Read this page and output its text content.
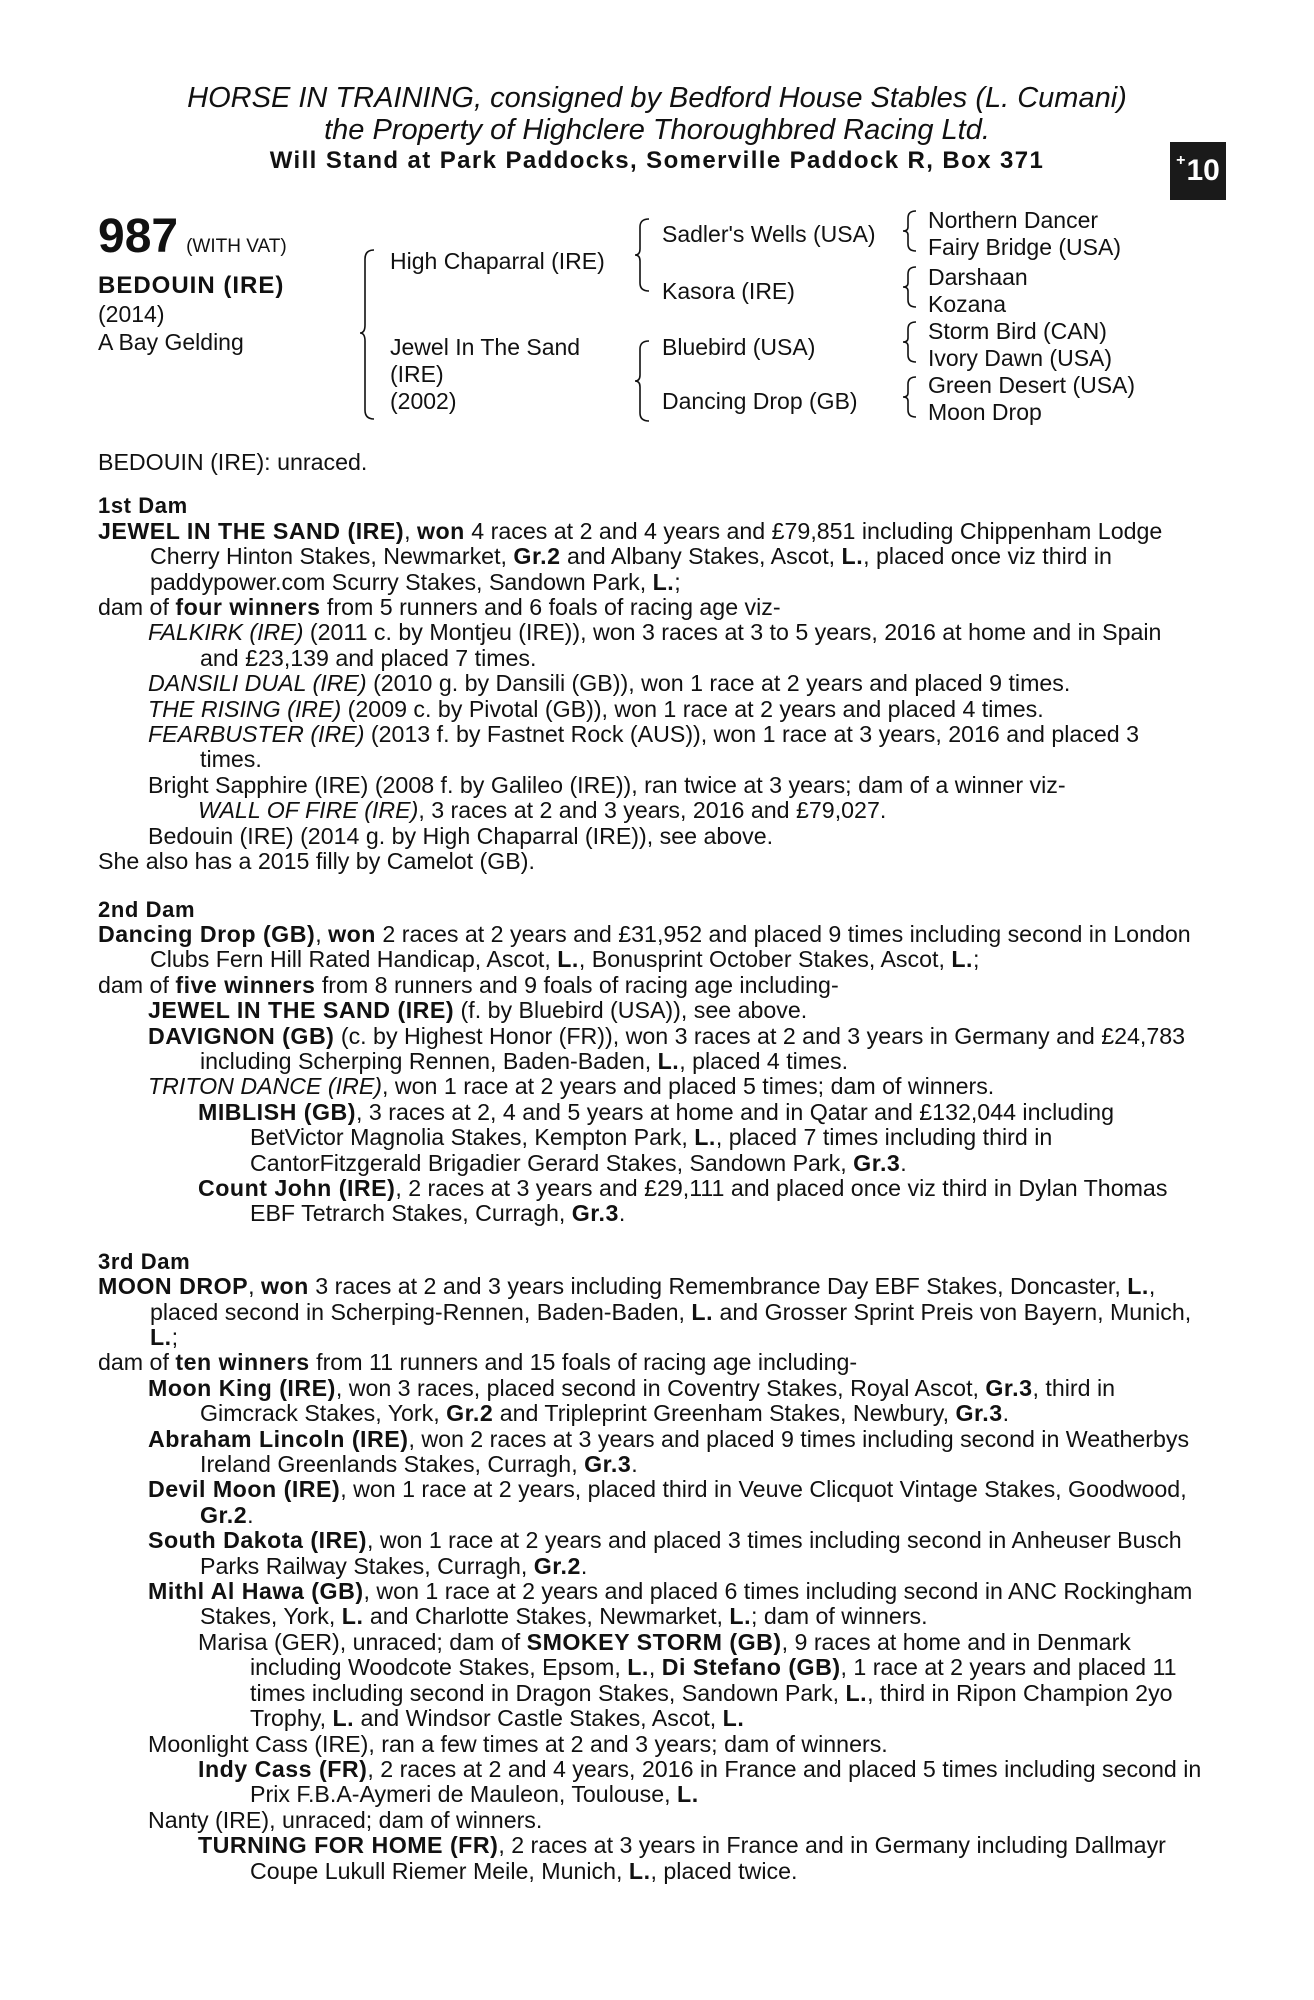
HORSE IN TRAINING, consigned by Bedford House Stables (L. Cumani)
the Property of Highclere Thoroughbred Racing Ltd.
Will Stand at Park Paddocks, Somerville Paddock R, Box 371	+ 10
987 (WITH VAT)
BEDOUIN (IRE)
(2014)
A Bay Gelding
High Chaparral (IRE)
Jewel In The Sand
(IRE)
(2002)
Sadler's Wells (USA)
Kasora (IRE)
Bluebird (USA)
Dancing Drop (GB)
Northern Dancer
Fairy Bridge (USA)
Darshaan
Kozana
Storm Bird (CAN)
Ivory Dawn (USA)
Green Desert (USA)
Moon Drop

BEDOUIN (IRE): unraced.

1st Dam

JEWEL IN THE SAND (IRE), won 4 races at 2 and 4 years and £79,851 including Chippenham Lodge Cherry Hinton Stakes, Newmarket, Gr.2 and Albany Stakes, Ascot, L., placed once viz third in paddypower.com Scurry Stakes, Sandown Park, L.;

dam of four winners from 5 runners and 6 foals of racing age viz-

FALKIRK (IRE) (2011 c. by Montjeu (IRE)), won 3 races at 3 to 5 years, 2016 at home and in Spain and £23,139 and placed 7 times.

DANSILI DUAL (IRE) (2010 g. by Dansili (GB)), won 1 race at 2 years and placed 9 times.

THE RISING (IRE) (2009 c. by Pivotal (GB)), won 1 race at 2 years and placed 4 times.

FEARBUSTER (IRE) (2013 f. by Fastnet Rock (AUS)), won 1 race at 3 years, 2016 and placed 3 times.

Bright Sapphire (IRE) (2008 f. by Galileo (IRE)), ran twice at 3 years; dam of a winner viz-

WALL OF FIRE (IRE), 3 races at 2 and 3 years, 2016 and £79,027.

Bedouin (IRE) (2014 g. by High Chaparral (IRE)), see above.

She also has a 2015 filly by Camelot (GB).

2nd Dam

Dancing Drop (GB), won 2 races at 2 years and £31,952 and placed 9 times including second in London Clubs Fern Hill Rated Handicap, Ascot, L., Bonusprint October Stakes, Ascot, L.;

dam of five winners from 8 runners and 9 foals of racing age including-

JEWEL IN THE SAND (IRE) (f. by Bluebird (USA)), see above.

DAVIGNON (GB) (c. by Highest Honor (FR)), won 3 races at 2 and 3 years in Germany and £24,783 including Scherping Rennen, Baden-Baden, L., placed 4 times.

TRITON DANCE (IRE), won 1 race at 2 years and placed 5 times; dam of winners.

MIBLISH (GB), 3 races at 2, 4 and 5 years at home and in Qatar and £132,044 including BetVictor Magnolia Stakes, Kempton Park, L., placed 7 times including third in CantorFitzgerald Brigadier Gerard Stakes, Sandown Park, Gr.3.

Count John (IRE), 2 races at 3 years and £29,111 and placed once viz third in Dylan Thomas EBF Tetrarch Stakes, Curragh, Gr.3.

3rd Dam

MOON DROP, won 3 races at 2 and 3 years including Remembrance Day EBF Stakes, Doncaster, L., placed second in Scherping-Rennen, Baden-Baden, L. and Grosser Sprint Preis von Bayern, Munich, L.;

dam of ten winners from 11 runners and 15 foals of racing age including-

Moon King (IRE), won 3 races, placed second in Coventry Stakes, Royal Ascot, Gr.3, third in Gimcrack Stakes, York, Gr.2 and Tripleprint Greenham Stakes, Newbury, Gr.3.

Abraham Lincoln (IRE), won 2 races at 3 years and placed 9 times including second in Weatherbys Ireland Greenlands Stakes, Curragh, Gr.3.

Devil Moon (IRE), won 1 race at 2 years, placed third in Veuve Clicquot Vintage Stakes, Goodwood, Gr.2.

South Dakota (IRE), won 1 race at 2 years and placed 3 times including second in Anheuser Busch Parks Railway Stakes, Curragh, Gr.2.

Mithl Al Hawa (GB), won 1 race at 2 years and placed 6 times including second in ANC Rockingham Stakes, York, L. and Charlotte Stakes, Newmarket, L.; dam of winners.

Marisa (GER), unraced; dam of SMOKEY STORM (GB), 9 races at home and in Denmark including Woodcote Stakes, Epsom, L., Di Stefano (GB), 1 race at 2 years and placed 11 times including second in Dragon Stakes, Sandown Park, L., third in Ripon Champion 2yo Trophy, L. and Windsor Castle Stakes, Ascot, L.

Moonlight Cass (IRE), ran a few times at 2 and 3 years; dam of winners.

Indy Cass (FR), 2 races at 2 and 4 years, 2016 in France and placed 5 times including second in Prix F.B.A-Aymeri de Mauleon, Toulouse, L.

Nanty (IRE), unraced; dam of winners.

TURNING FOR HOME (FR), 2 races at 3 years in France and in Germany including Dallmayr Coupe Lukull Riemer Meile, Munich, L., placed twice.
